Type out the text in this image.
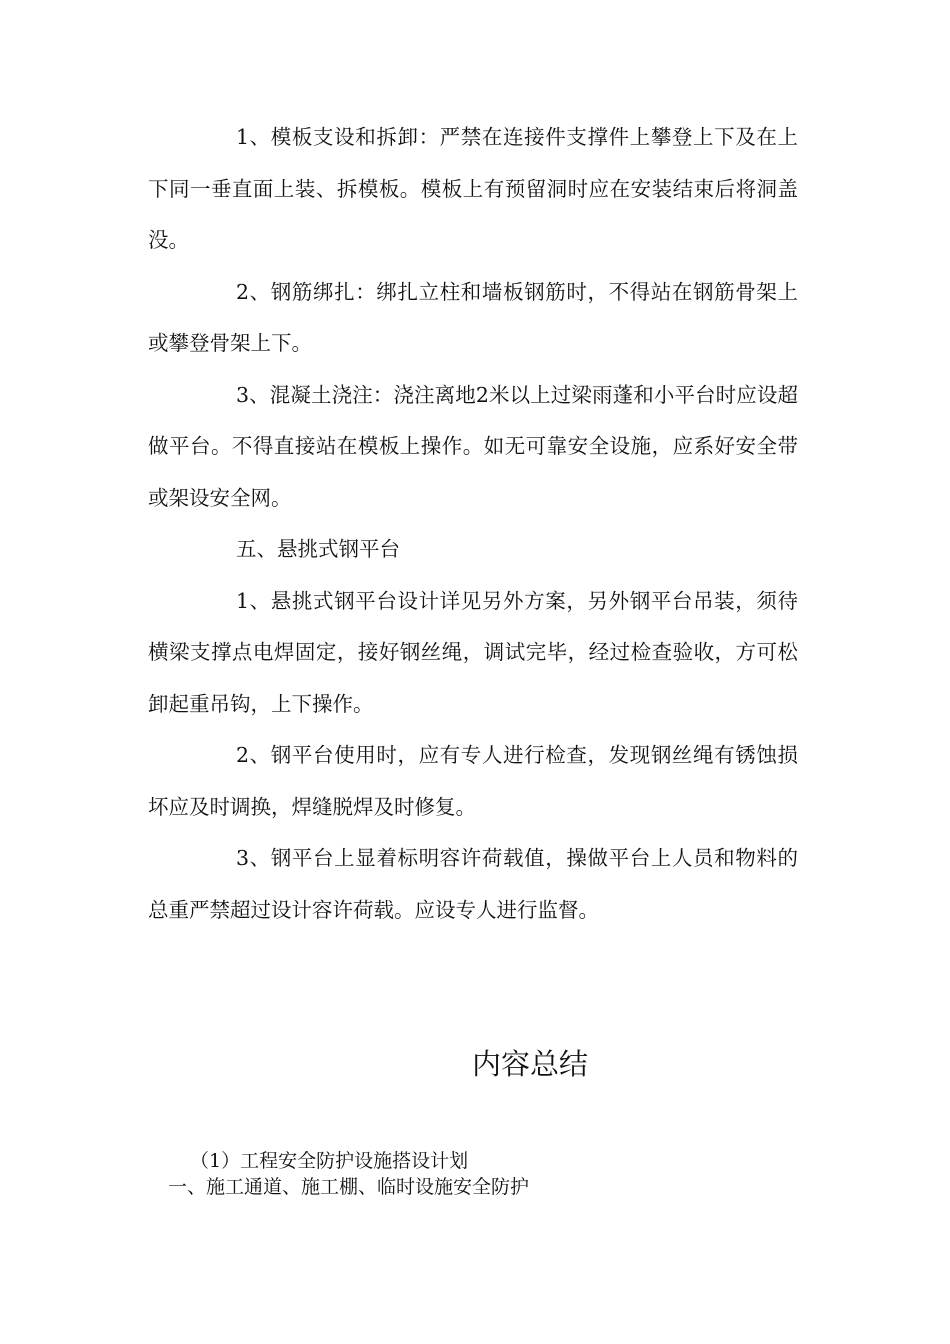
1、模板支设和拆卸：严禁在连接件支撑件上攀登上下及在上下同一垂直面上装、拆模板。模板上有预留洞时应在安装结束后将洞盖没。

2、钢筋绑扎：绑扎立柱和墙板钢筋时，不得站在钢筋骨架上或攀登骨架上下。

3、混凝土浇注：浇注离地2米以上过梁雨蓬和小平台时应设超做平台。不得直接站在模板上操作。如无可靠安全设施，应系好安全带或架设安全网。

五、悬挑式钢平台

1、悬挑式钢平台设计详见另外方案，另外钢平台吊装，须待横梁支撑点电焊固定，接好钢丝绳，调试完毕，经过检查验收，方可松卸起重吊钩，上下操作。

2、钢平台使用时，应有专人进行检查，发现钢丝绳有锈蚀损坏应及时调换，焊缝脱焊及时修复。

3、钢平台上显着标明容许荷载值，操做平台上人员和物料的总重严禁超过设计容许荷载。应设专人进行监督。

内容总结

（1）工程安全防护设施搭设计划

一、施工通道、施工棚、临时设施安全防护
